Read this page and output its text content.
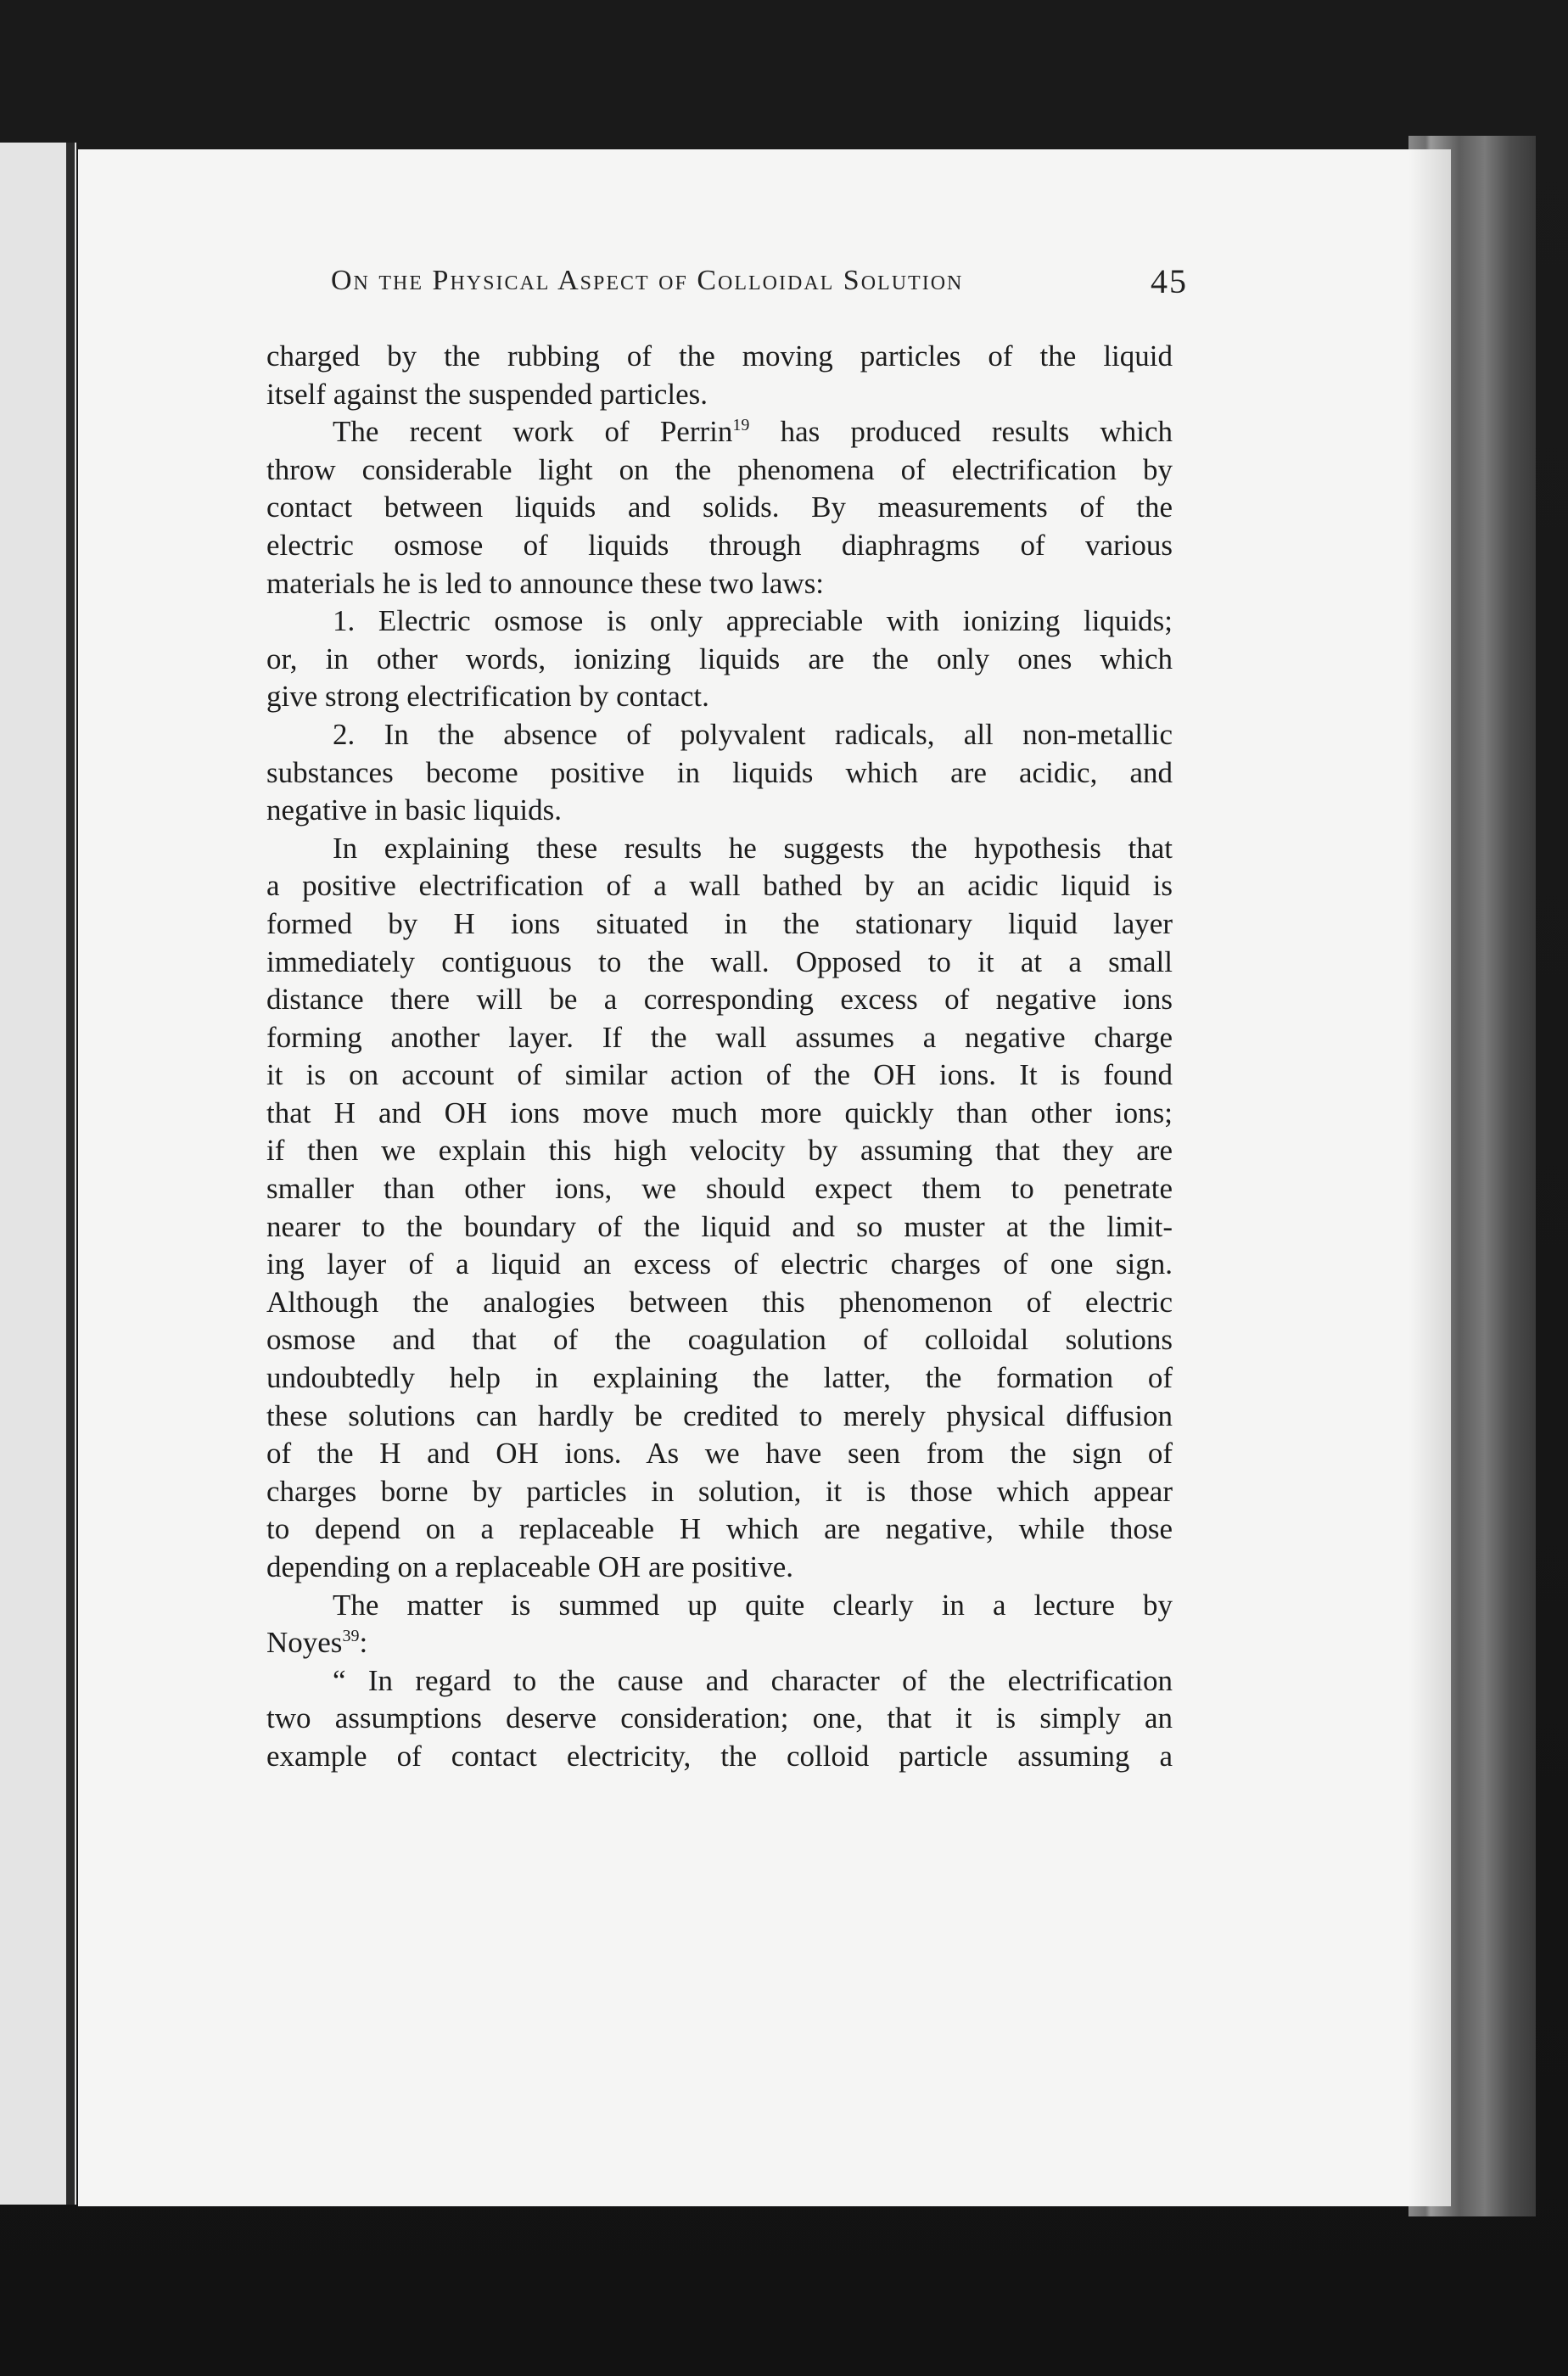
On the Physical Aspect of Colloidal Solution	45
charged by the rubbing of the moving particles of the liquid
itself against the suspended particles.
The recent work of Perrin$^{19}$ has produced results which
throw considerable light on the phenomena of electrification by
contact between liquids and solids. By measurements of the
electric osmose of liquids through diaphragms of various
materials he is led to announce these two laws:
1. Electric osmose is only appreciable with ionizing liquids;
or, in other words, ionizing liquids are the only ones which
give strong electrification by contact.
2. In the absence of polyvalent radicals, all non-metallic
substances become positive in liquids which are acidic, and
negative in basic liquids.
In explaining these results he suggests the hypothesis that
a positive electrification of a wall bathed by an acidic liquid is
formed by H ions situated in the stationary liquid layer
immediately contiguous to the wall. Opposed to it at a small
distance there will be a corresponding excess of negative ions
forming another layer. If the wall assumes a negative charge
it is on account of similar action of the OH ions. It is found
that H and OH ions move much more quickly than other ions;
if then we explain this high velocity by assuming that they are
smaller than other ions, we should expect them to penetrate
nearer to the boundary of the liquid and so muster at the limit-
ing layer of a liquid an excess of electric charges of one sign.
Although the analogies between this phenomenon of electric
osmose and that of the coagulation of colloidal solutions
undoubtedly help in explaining the latter, the formation of
these solutions can hardly be credited to merely physical diffusion
of the H and OH ions. As we have seen from the sign of
charges borne by particles in solution, it is those which appear
to depend on a replaceable H which are negative, while those
depending on a replaceable OH are positive.
The matter is summed up quite clearly in a lecture by
Noyes$^{39}$:
“ In regard to the cause and character of the electrification
two assumptions deserve consideration; one, that it is simply an
example of contact electricity, the colloid particle assuming a
